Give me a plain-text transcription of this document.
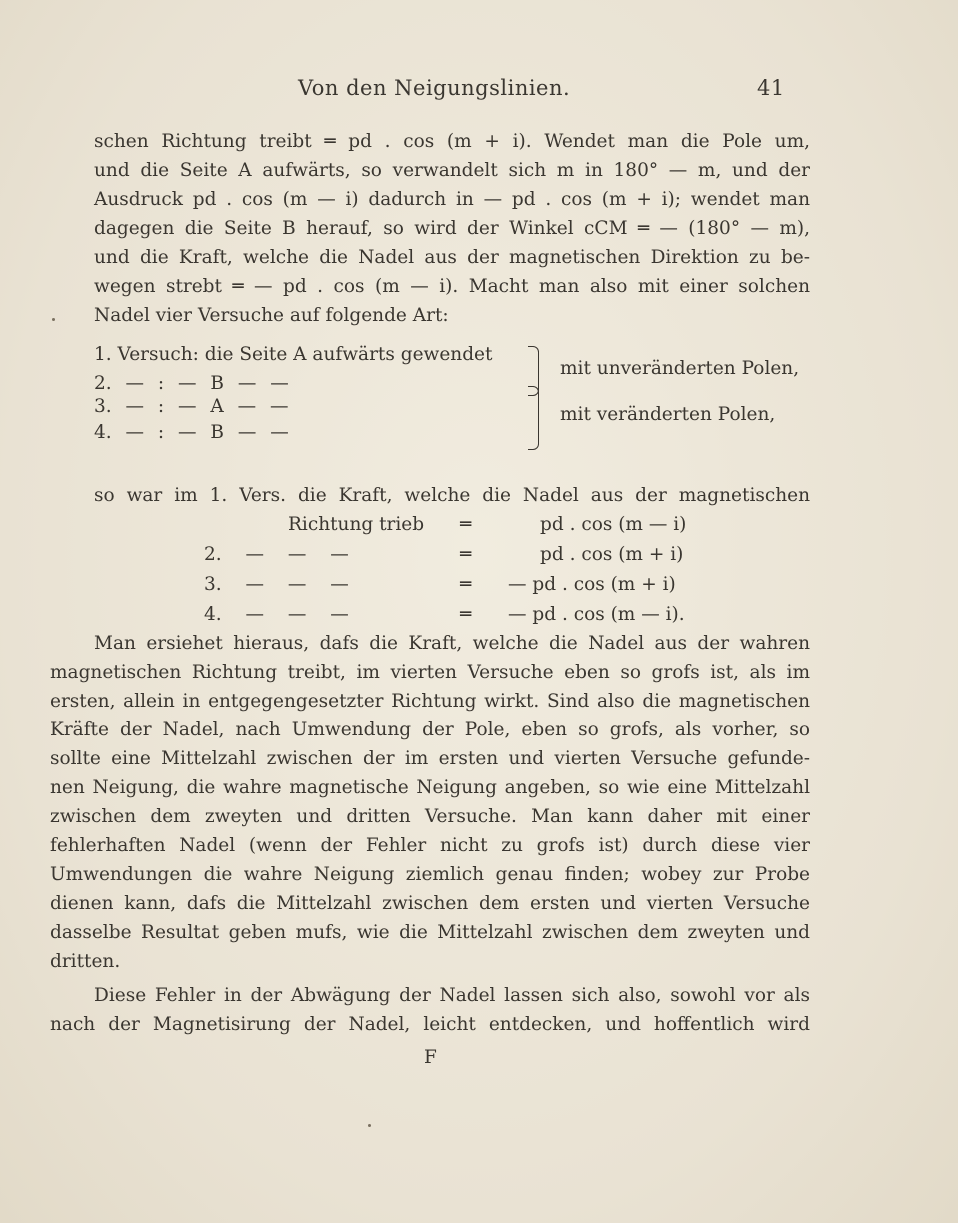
Von den Neigungslinien.	41
schen Richtung treibt ═ pd . cos (m + i). Wendet man die Pole um,
und die Seite A aufwärts, so verwandelt sich m in 180° — m, und der
Ausdruck pd . cos (m — i) dadurch in — pd . cos (m + i); wendet man
dagegen die Seite B herauf, so wird der Winkel cCM ═ — (180° — m),
und die Kraft, welche die Nadel aus der magnetischen Direktion zu be-
wegen strebt ═ — pd . cos (m — i). Macht man also mit einer solchen
Nadel vier Versuche auf folgende Art:
1. Versuch: die Seite A aufwärts gewendet
2. — : — B — —
mit unveränderten Polen,
3. — : — A — —
4. — : — B — —
mit veränderten Polen,
so war im 1. Vers. die Kraft, welche die Nadel aus der magnetischen
Richtung trieb ═	pd . cos (m — i)
2. — — —	═	pd . cos (m + i)
3. — — —	═ — pd . cos (m + i)
4. — — —	═ — pd . cos (m — i).
Man ersiehet hieraus, dafs die Kraft, welche die Nadel aus der wahren
magnetischen Richtung treibt, im vierten Versuche eben so grofs ist, als im
ersten, allein in entgegengesetzter Richtung wirkt. Sind also die magnetischen
Kräfte der Nadel, nach Umwendung der Pole, eben so grofs, als vorher, so
sollte eine Mittelzahl zwischen der im ersten und vierten Versuche gefunde-
nen Neigung, die wahre magnetische Neigung angeben, so wie eine Mittelzahl
zwischen dem zweyten und dritten Versuche. Man kann daher mit einer
fehlerhaften Nadel (wenn der Fehler nicht zu grofs ist) durch diese vier
Umwendungen die wahre Neigung ziemlich genau finden; wobey zur Probe
dienen kann, dafs die Mittelzahl zwischen dem ersten und vierten Versuche
dasselbe Resultat geben mufs, wie die Mittelzahl zwischen dem zweyten und
dritten.
Diese Fehler in der Abwägung der Nadel lassen sich also, sowohl vor als
nach der Magnetisirung der Nadel, leicht entdecken, und hoffentlich wird
F
